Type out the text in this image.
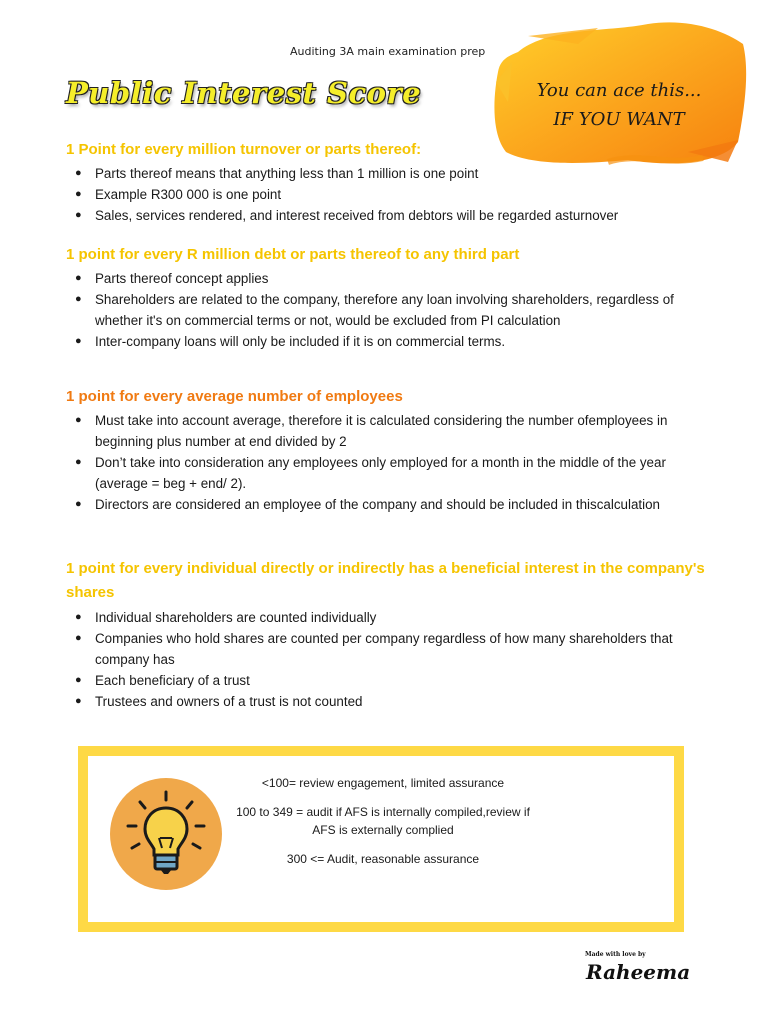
Auditing 3A main examination prep
Public Interest Score	You can ace this...
IF YOU WANT
1 Point for every million turnover or parts thereof:
● Parts thereof means that anything less than 1 million is one point
● Example R300 000 is one point
● Sales, services rendered, and interest received from debtors will be regarded asturnover
1 point for every R million debt or parts thereof to any third part
● Parts thereof concept applies
● Shareholders are related to the company, therefore any loan involving shareholders, regardless of whether it's on commercial terms or not, would be excluded from PI calculation
● Inter-company loans will only be included if it is on commercial terms.
1 point for every average number of employees
● Must take into account average, therefore it is calculated considering the number ofemployees in beginning plus number at end divided by 2
● Don’t take into consideration any employees only employed for a month in the middle of the year (average = beg + end/ 2).
● Directors are considered an employee of the company and should be included in thiscalculation
1 point for every individual directly or indirectly has a beneficial interest in the company's shares
● Individual shareholders are counted individually
● Companies who hold shares are counted per company regardless of how many shareholders that company has
● Each beneficiary of a trust
● Trustees and owners of a trust is not counted

<100= review engagement, limited assurance

100 to 349 = audit if AFS is internally compiled,review if AFS is externally complied

300 <= Audit, reasonable assurance

Made with love by
Raheema
